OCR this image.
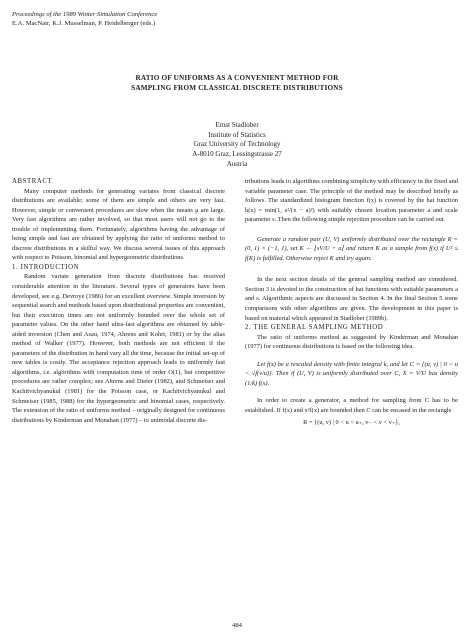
Proceedings of the 1989 Winter Simulation Conference
E.A. MacNair, K.J. Musselman, P. Heidelberger (eds.)
RATIO OF UNIFORMS AS A CONVENIENT METHOD FOR
SAMPLING FROM CLASSICAL DISCRETE DISTRIBUTIONS
Ernst Stadlober
Institute of Statistics
Graz University of Technology
A-8010 Graz, Lessingstrasse 27
Austria

ABSTRACT

Many computer methods for generating variates from classical discrete distributions are available; some of them are simple and others are very fast. However, simple or convenient procedures are slow when the means μ are large. Very fast algorithms are rather involved, so that most users will not go to the trouble of implementing them. Fortunately, algorithms having the advantage of being simple and fast are obtained by applying the ratio of uniforms method to discrete distributions in a skilful way. We discuss several issues of this approach with respect to Poisson, binomial and hypergeometric distributions.

1. INTRODUCTION

Random variate generation from discrete distributions has received considerable attention in the literature. Several types of generators have been developed, see e.g. Devroye (1986) for an excellent overview. Simple inversion by sequential search and methods based upon distributional properties are convenient, but their execution times are not uniformly bounded over the whole set of parameter values. On the other hand ultra-fast algorithms are obtained by table-aided inversion (Chen and Asau, 1974, Ahrens and Kohrt, 1981) or by the alias method of Walker (1977). However, both methods are not efficient if the parameters of the distribution in hand vary all the time, because the initial set-up of new tables is costly. The acceptance rejection approach leads to uniformly fast algorithms, i.e. algorithms with computation time of order O(1), but competitive procedures are rather complex; see Ahrens and Dieter (1982), and Schmeiser and Kachitvichyanukul (1981) for the Poisson case, or Kachitvichyanukul and Schmeiser (1985, 1988) for the hypergeometric and binomial cases, respectively. The extension of the ratio of uniforms method – originally designed for continuous distributions by Kinderman and Monahan (1977) – to unimodal discrete dis-

tributions leads to algorithms combining simplicity with efficiency in the fixed and variable parameter case. The principle of the method may be described briefly as follows. The standardized histogram function f(x) is covered by the hat function h(x) = min(1, s²/(x − a)²) with suitably chosen location parameter a and scale parameter s. Then the following simple rejection procedure can be carried out.

Generate a random pair (U, V) uniformly distributed over the rectangle R = (0, 1) × (−1, 1), set K ← ⌊sV/U + a⌋ and return K as a sample from f(x) if U² ≤ f(K) is fulfilled. Otherwise reject K and try again.

In the next section details of the general sampling method are considered. Section 3 is devoted to the construction of hat functions with suitable parameters a and s. Algorithmic aspects are discussed in Section 4. In the final Section 5 some comparisons with other algorithms are given. The development in this paper is based on material which appeared in Stadlober (1989b).

2. THE GENERAL SAMPLING METHOD

The ratio of uniforms method as suggested by Kinderman and Monahan (1977) for continuous distributions is based on the following idea.

Let f(x) be a rescaled density with finite integral k, and let C = {(u, v) | 0 < u < √f(v/u)}. Then if (U, V) is uniformly distributed over C, X = V/U has density (1/k) f(x).

In order to create a generator, a method for sampling from C has to be established. If f(x) and x²f(x) are bounded then C can be encased in the rectangle

R = {(u, v) | 0 < u < u₊, v₋ < v < v₊},

484
